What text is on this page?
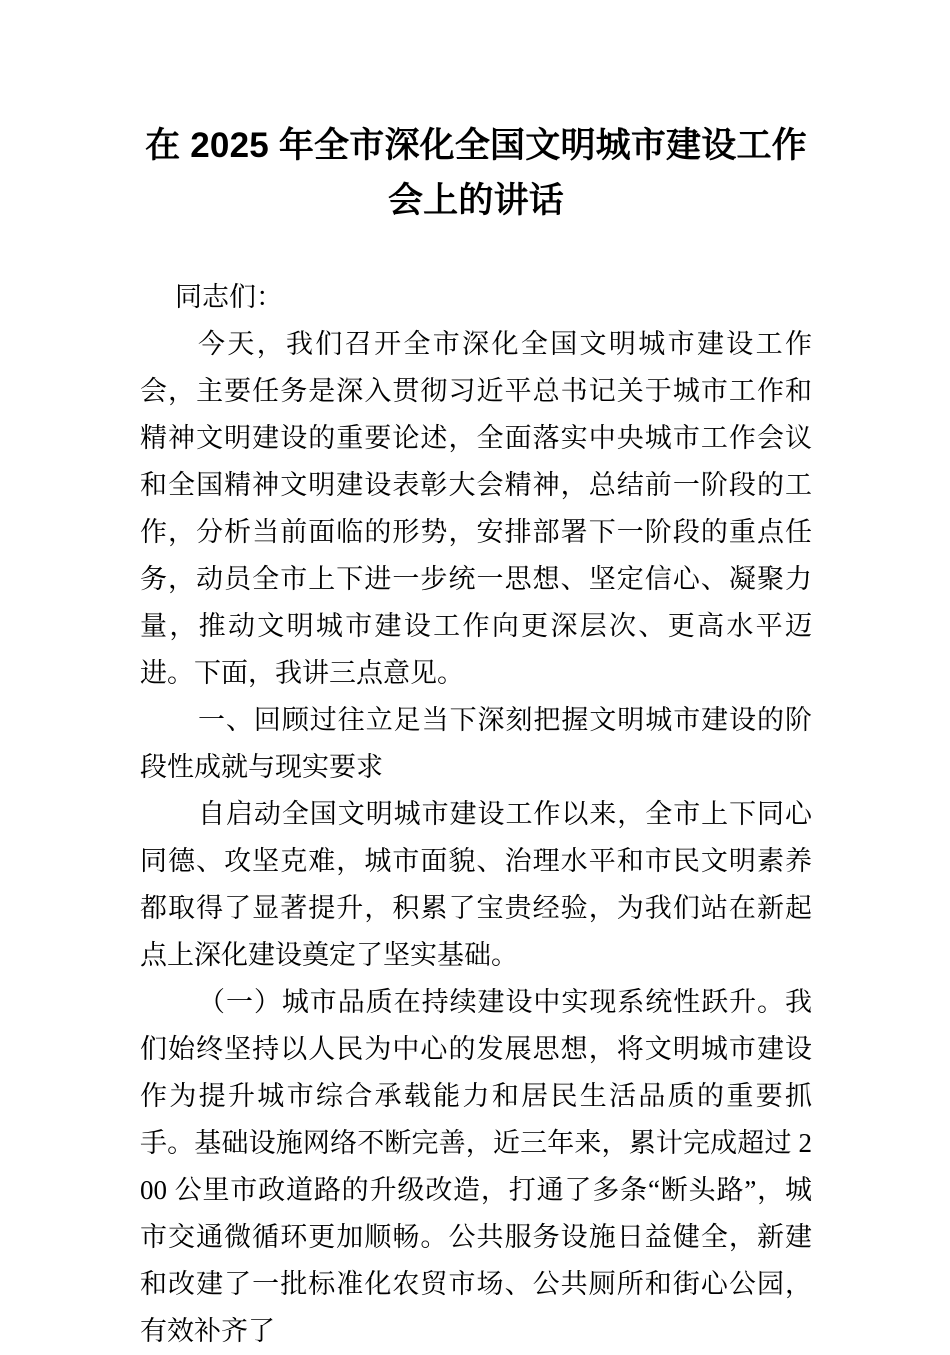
在 2025 年全市深化全国文明城市建设工作
会上的讲话

同志们：

今天，我们召开全市深化全国文明城市建设工作会，主要任务是深入贯彻习近平总书记关于城市工作和精神文明建设的重要论述，全面落实中央城市工作会议和全国精神文明建设表彰大会精神，总结前一阶段的工作，分析当前面临的形势，安排部署下一阶段的重点任务，动员全市上下进一步统一思想、坚定信心、凝聚力量，推动文明城市建设工作向更深层次、更高水平迈进。下面，我讲三点意见。

一、回顾过往立足当下深刻把握文明城市建设的阶段性成就与现实要求

自启动全国文明城市建设工作以来，全市上下同心同德、攻坚克难，城市面貌、治理水平和市民文明素养都取得了显著提升，积累了宝贵经验，为我们站在新起点上深化建设奠定了坚实基础。

（一）城市品质在持续建设中实现系统性跃升。我们始终坚持以人民为中心的发展思想，将文明城市建设作为提升城市综合承载能力和居民生活品质的重要抓手。基础设施网络不断完善，近三年来，累计完成超过 200 公里市政道路的升级改造，打通了多条“断头路”，城市交通微循环更加顺畅。公共服务设施日益健全，新建和改建了一批标准化农贸市场、公共厕所和街心公园，有效补齐了
